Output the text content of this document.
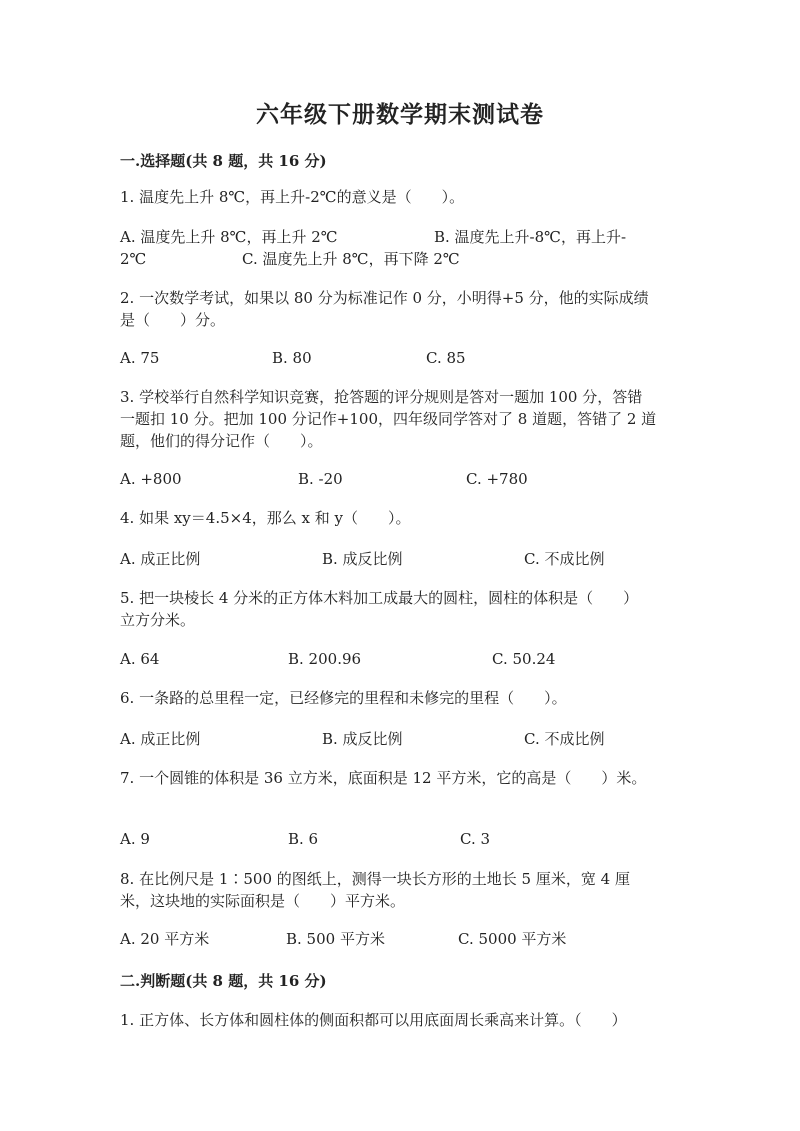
六年级下册数学期末测试卷

一.选择题(共 8 题，共 16 分)

1. 温度先上升 8℃，再上升-2℃的意义是（　　）。
A. 温度先上升 8℃，再上升 2℃	B. 温度先上升-8℃，再上升-
2℃	C. 温度先上升 8℃，再下降 2℃
2. 一次数学考试，如果以 80 分为标准记作 0 分，小明得+5 分，他的实际成绩
是（　　）分。
A. 75	B. 80	C. 85
3. 学校举行自然科学知识竞赛，抢答题的评分规则是答对一题加 100 分，答错
一题扣 10 分。把加 100 分记作+100，四年级同学答对了 8 道题，答错了 2 道
题，他们的得分记作（　　）。
A. +800	B. -20	C. +780
4. 如果 xy＝4.5×4，那么 x 和 y（　　）。
A. 成正比例	B. 成反比例	C. 不成比例
5. 把一块棱长 4 分米的正方体木料加工成最大的圆柱，圆柱的体积是（　　）
立方分米。
A. 64	B. 200.96	C. 50.24
6. 一条路的总里程一定，已经修完的里程和未修完的里程（　　）。
A. 成正比例	B. 成反比例	C. 不成比例
7. 一个圆锥的体积是 36 立方米，底面积是 12 平方米，它的高是（　　）米。
A. 9	B. 6	C. 3
8. 在比例尺是 1∶500 的图纸上，测得一块长方形的土地长 5 厘米，宽 4 厘
米，这块地的实际面积是（　　）平方米。
A. 20 平方米	B. 500 平方米	C. 5000 平方米

二.判断题(共 8 题，共 16 分)

1. 正方体、长方体和圆柱体的侧面积都可以用底面周长乘高来计算。（　　）
